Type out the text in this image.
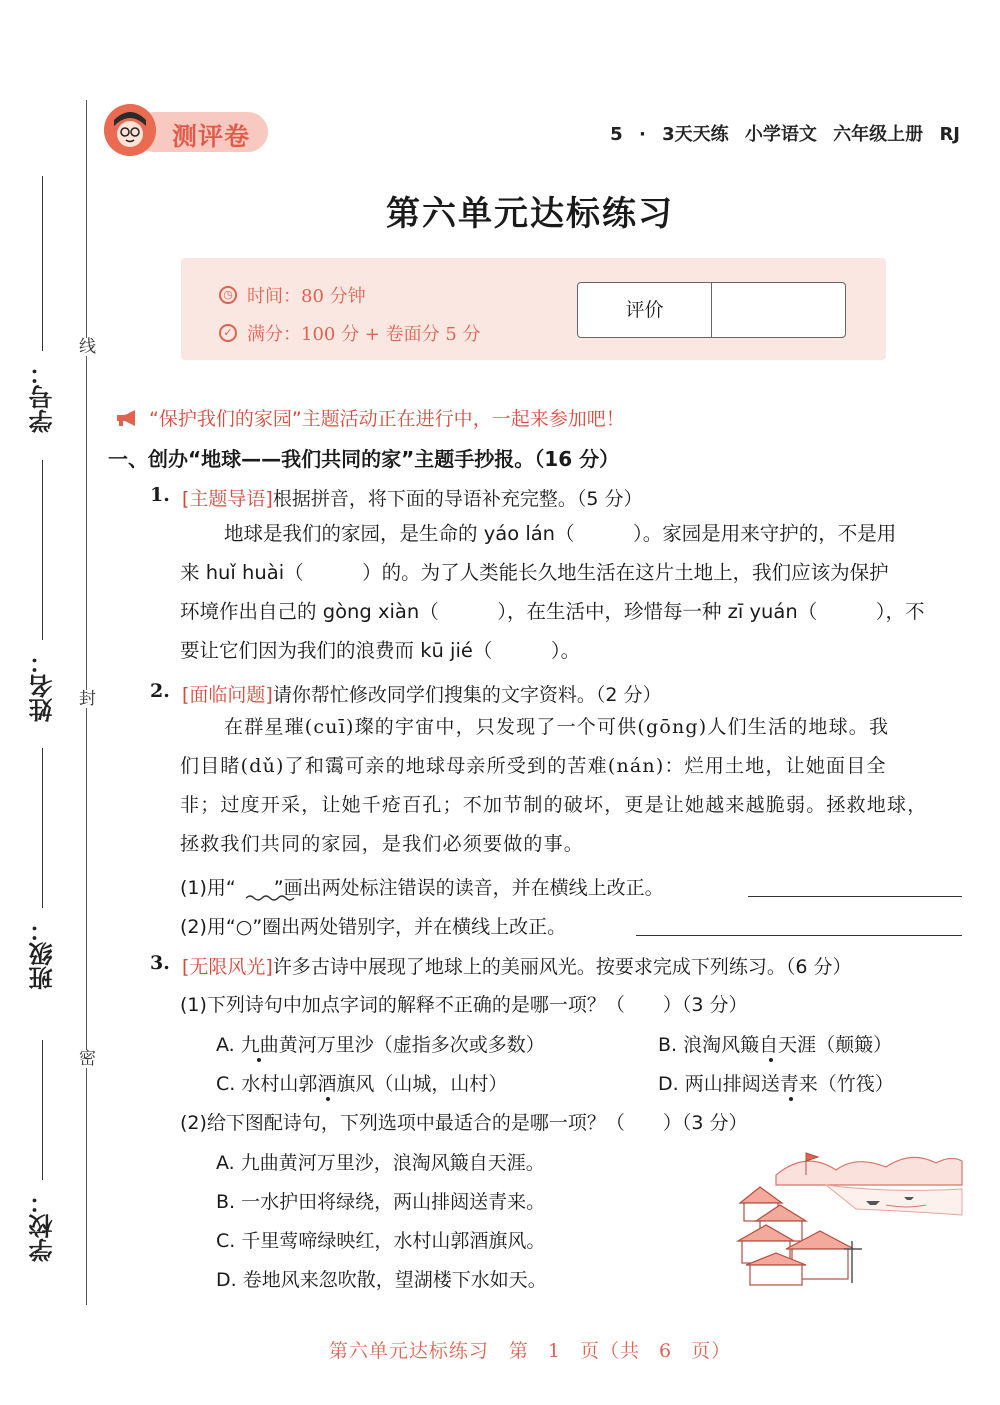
线
封
密
学号：
姓名：
班级：
学校：
测评卷	5 · 3天天练 小学语文 六年级上册 RJ
第六单元达标练习
◷ 时间：80 分钟
✓ 满分：100 分 + 卷面分 5 分
评价
“保护我们的家园”主题活动正在进行中，一起来参加吧！
一、创办“地球——我们共同的家”主题手抄报。（16 分）
1. [主题导语] 根据拼音，将下面的导语补充完整。（5 分）
地球是我们的家园，是生命的 yáo lán（　　　）。家园是用来守护的，不是用
来 huǐ huài（　　　）的。为了人类能长久地生活在这片土地上，我们应该为保护
环境作出自己的 gòng xiàn（　　　），在生活中，珍惜每一种 zī yuán（　　　），不
要让它们因为我们的浪费而 kū jié（　　　）。
2. [面临问题] 请你帮忙修改同学们搜集的文字资料。（2 分）
在群星璀(cuī)璨的宇宙中，只发现了一个可供(gōng)人们生活的地球。我
们目睹(dǔ)了和霭可亲的地球母亲所受到的苦难(nán)：烂用土地，让她面目全
非；过度开采，让她千疮百孔；不加节制的破坏，更是让她越来越脆弱。拯救地球，
拯救我们共同的家园，是我们必须要做的事。
(1)用“　　”画出两处标注错误的读音，并在横线上改正。
(2)用“○”圈出两处错别字，并在横线上改正。
3. [无限风光] 许多古诗中展现了地球上的美丽风光。按要求完成下列练习。（6 分）
(1)下列诗句中加点字词的解释不正确的是哪一项？（　　）（3 分）
A. 九曲黄河万里沙（虚指多次或多数）	B. 浪淘风簸自天涯（颠簸）
C. 水村山郭酒旗风（山城，山村）	D. 两山排闼送青来（竹筏）
(2)给下图配诗句，下列选项中最适合的是哪一项？（　　）（3 分）
A. 九曲黄河万里沙，浪淘风簸自天涯。
B. 一水护田将绿绕，两山排闼送青来。
C. 千里莺啼绿映红，水村山郭酒旗风。
D. 卷地风来忽吹散，望湖楼下水如天。
第六单元达标练习　第 1 页（共 6 页）
